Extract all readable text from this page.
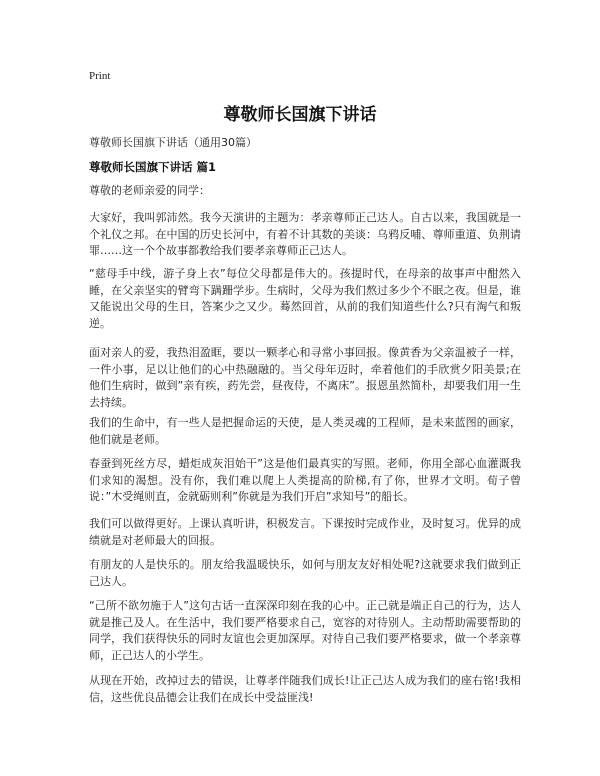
Print
尊敬师长国旗下讲话
尊敬师长国旗下讲话（通用30篇）
尊敬师长国旗下讲话 篇1

尊敬的老师亲爱的同学：

大家好，我叫郭沛然。我今天演讲的主题为：孝亲尊师正己达人。自古以来，我国就是一个礼仪之邦。在中国的历史长河中，有着不计其数的美谈：乌鸦反哺、尊师重道、负荆请罪……这一个个故事都教给我们要孝亲尊师正己达人。

“慈母手中线，游子身上衣”每位父母都是伟大的。孩提时代，在母亲的故事声中酣然入睡，在父亲坚实的臂弯下蹒跚学步。生病时，父母为我们熬过多少个不眠之夜。但是，谁又能说出父母的生日，答案少之又少。蓦然回首，从前的我们知道些什么?只有淘气和叛逆。

面对亲人的爱，我热泪盈眶，要以一颗孝心和寻常小事回报。像黄香为父亲温被子一样，一件小事，足以让他们的心中热融融的。当父母年迈时，牵着他们的手欣赏夕阳美景;在他们生病时，做到”亲有疾，药先尝，昼夜侍，不离床”。报恩虽然简朴，却要我们用一生去持续。

我们的生命中，有一些人是把握命运的天使，是人类灵魂的工程师，是未来蓝图的画家，他们就是老师。

春蚕到死丝方尽，蜡炬成灰泪始干”这是他们最真实的写照。老师，你用全部心血灌溉我们求知的渴想。没有你，我们难以爬上人类提高的阶梯,有了你，世界才文明。荀子曾说：”木受绳则直，金就砺则利”你就是为我们开启”求知号”的船长。

我们可以做得更好。上课认真听讲，积极发言。下课按时完成作业，及时复习。优异的成绩就是对老师最大的回报。

有朋友的人是快乐的。朋友给我温暖快乐，如何与朋友友好相处呢?这就要求我们做到正己达人。

“己所不欲勿施于人”这句古话一直深深印刻在我的心中。正己就是端正自己的行为，达人就是推己及人。在生活中，我们要严格要求自己，宽容的对待别人。主动帮助需要帮助的同学，我们获得快乐的同时友谊也会更加深厚。对待自己我们要严格要求，做一个孝亲尊师，正己达人的小学生。

从现在开始，改掉过去的错误，让尊孝伴随我们成长!让正己达人成为我们的座右铭!我相信，这些优良品德会让我们在成长中受益匪浅!
